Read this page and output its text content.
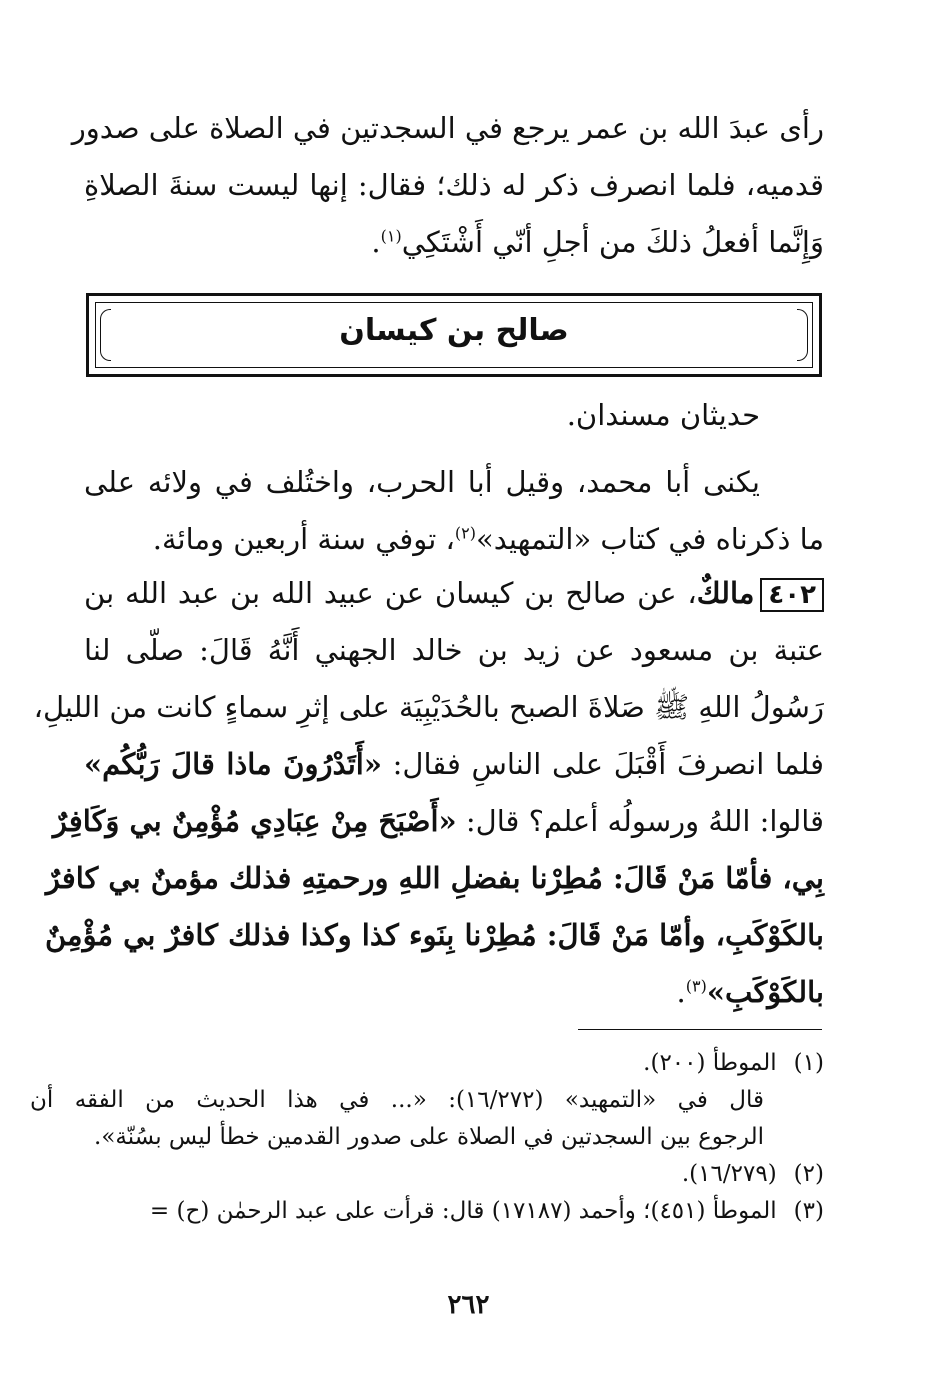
رأى عبدَ الله بن عمر يرجع في السجدتين في الصلاة على صدور
قدميه، فلما انصرف ذكر له ذلك؛ فقال: إنها ليست سنةَ الصلاةِ
وَإِنَّما أفعلُ ذلكَ من أجلِ أنّي أَشْتَكِي$^{(١)}$.
صالح بن كيسان
حديثان مسندان.
يكنى أبا محمد، وقيل أبا الحرب، واختُلف في ولائه على
ما ذكرناه في كتاب «التمهيد»$^{(٢)}$، توفي سنة أربعين ومائة.
٤٠٢مالكٌ، عن صالح بن كيسان عن عبيد الله بن عبد الله بن
عتبة بن مسعود عن زيد بن خالد الجهني أَنَّهُ قَالَ: صلّى لنا
رَسُولُ اللهِ ﷺ صَلاةَ الصبح بالحُدَيْبِيَة على إثرِ سماءٍ كانت من الليلِ،
فلما انصرفَ أَقْبَلَ على الناسِ فقال: «أَتَدْرُونَ ماذا قالَ رَبُّكُم»
قالوا: اللهُ ورسولُه أعلم؟ قال: «أَصْبَحَ مِنْ عِبَادِي مُؤْمِنٌ بي وَكَافِرٌ
بِي، فأمّا مَنْ قَالَ: مُطِرْنا بفضلِ اللهِ ورحمتِهِ فذلك مؤمنٌ بي كافرٌ
بالكَوْكَبِ، وأمّا مَنْ قَالَ: مُطِرْنا بِنَوء كذا وكذا فذلك كافرٌ بي مُؤْمِنٌ
بالكَوْكَبِ»$^{(٣)}$.
(١) الموطأ (٢٠٠).
قال في «التمهيد» (١٦/٢٧٢): «... في هذا الحديث من الفقه أن
الرجوع بين السجدتين في الصلاة على صدور القدمين خطأ ليس بسُنّة».
(٢) (١٦/٢٧٩).
(٣) الموطأ (٤٥١)؛ وأحمد (١٧١٨٧) قال: قرأت على عبد الرحمٰن (ح) =
٢٦٢
